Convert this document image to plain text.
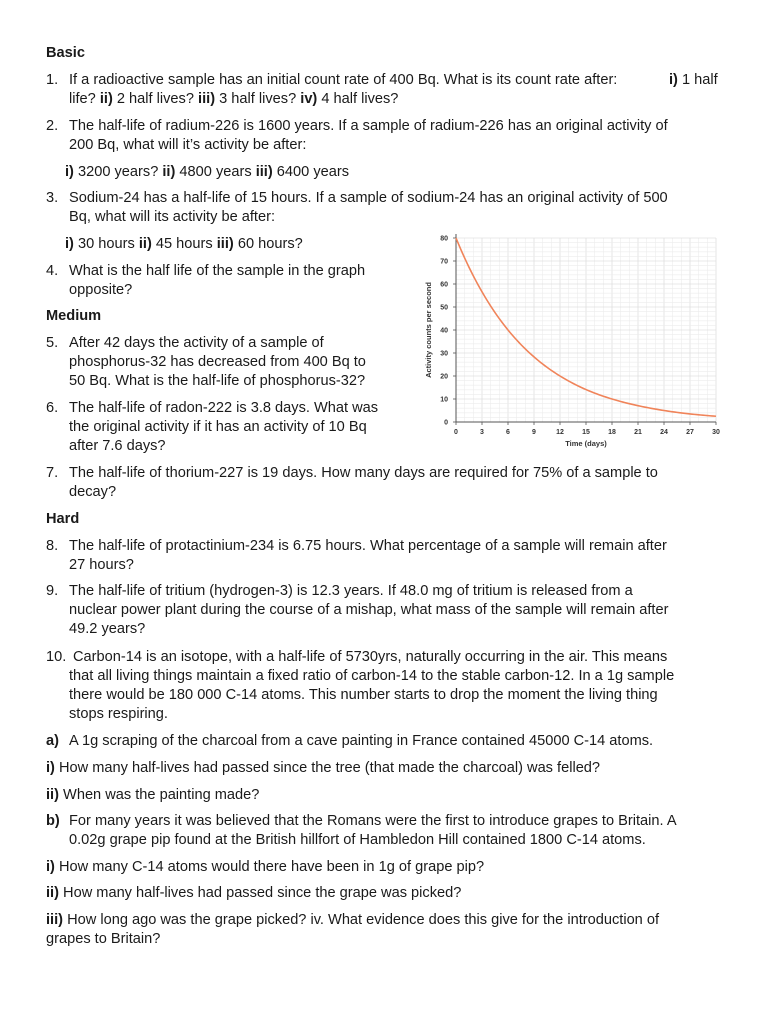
Basic
1. If a radioactive sample has an initial count rate of 400 Bq. What is its count rate after:	i) 1 half
life? ii) 2 half lives? iii) 3 half lives? iv) 4 half lives?
2. The half-life of radium-226 is 1600 years. If a sample of radium-226 has an original activity of
200 Bq, what will it’s activity be after:
i) 3200 years? ii) 4800 years iii) 6400 years
3. Sodium-24 has a half-life of 15 hours. If a sample of sodium-24 has an original activity of 500
Bq, what will its activity be after:
i) 30 hours ii) 45 hours iii) 60 hours?
4. What is the half life of the sample in the graph
opposite?
Medium
5. After 42 days the activity of a sample of
phosphorus-32 has decreased from 400 Bq to
50 Bq. What is the half-life of phosphorus-32?
6. The half-life of radon-222 is 3.8 days. What was
the original activity if it has an activity of 10 Bq
after 7.6 days?
7. The half-life of thorium-227 is 19 days. How many days are required for 75% of a sample to
decay?
Hard
8. The half-life of protactinium-234 is 6.75 hours. What percentage of a sample will remain after
27 hours?
9. The half-life of tritium (hydrogen-3) is 12.3 years. If 48.0 mg of tritium is released from a
nuclear power plant during the course of a mishap, what mass of the sample will remain after
49.2 years?
10. Carbon-14 is an isotope, with a half-life of 5730yrs, naturally occurring in the air. This means
that all living things maintain a fixed ratio of carbon-14 to the stable carbon-12. In a 1g sample
there would be 180 000 C-14 atoms. This number starts to drop the moment the living thing
stops respiring.
a) A 1g scraping of the charcoal from a cave painting in France contained 45000 C-14 atoms.
i) How many half-lives had passed since the tree (that made the charcoal) was felled?
ii) When was the painting made?
b) For many years it was believed that the Romans were the first to introduce grapes to Britain. A
0.02g grape pip found at the British hillfort of Hambledon Hill contained 1800 C-14 atoms.
i) How many C-14 atoms would there have been in 1g of grape pip?
ii) How many half-lives had passed since the grape was picked?
iii) How long ago was the grape picked? iv. What evidence does this give for the introduction of
grapes to Britain?
0	3	6	9	12	15	18	21	24	27	30
0
10
20
30
40
50
60
70
80
Time (days)
Activity counts per second
